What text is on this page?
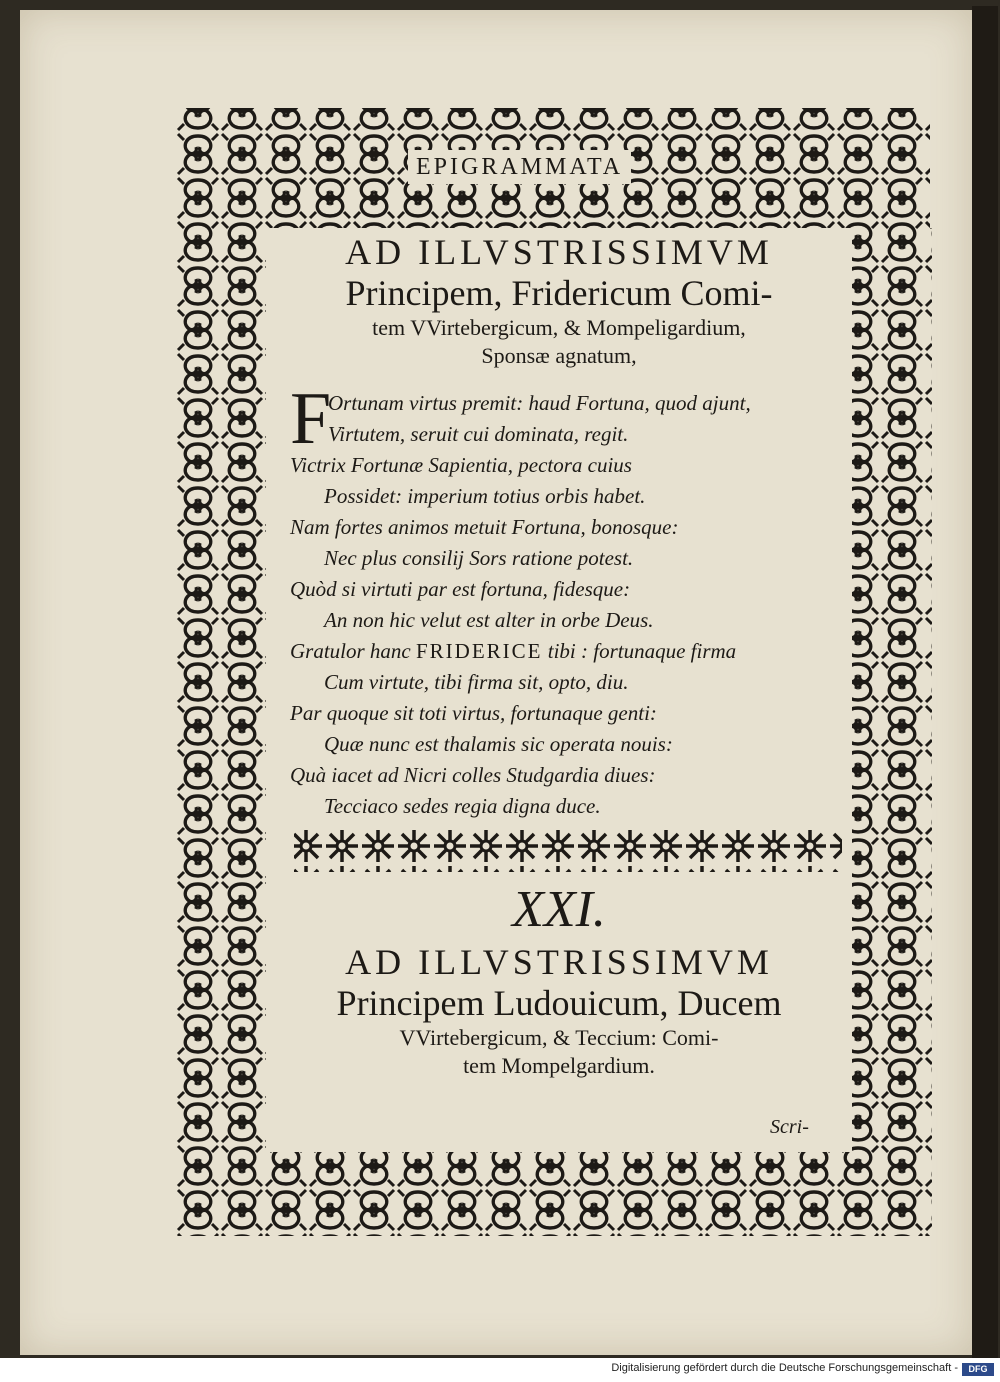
EPIGRAMMATA

AD ILLVSTRISSIMVM

Principem, Fridericum Comi-

tem VVirtebergicum, & Mompeligardium,

Sponsæ agnatum,

F
Ortunam virtus premit: haud Fortuna, quod ajunt,
Virtutem, seruit cui dominata, regit.
Victrix Fortunæ Sapientia, pectora cuius
Possidet: imperium totius orbis habet.
Nam fortes animos metuit Fortuna, bonosque:
Nec plus consilij Sors ratione potest.
Quòd si virtuti par est fortuna, fidesque:
An non hic velut est alter in orbe Deus.
Gratulor hanc FRIDERICE tibi : fortunaque firma
Cum virtute, tibi firma sit, opto, diu.
Par quoque sit toti virtus, fortunaque genti:
Quæ nunc est thalamis sic operata nouis:
Quà iacet ad Nicri colles Studgardia diues:
Tecciaco sedes regia digna duce.
XXI.

AD ILLVSTRISSIMVM

Principem Ludouicum, Ducem

VVirtebergicum, & Teccium: Comi-

tem Mompelgardium.

Scri-
Digitalisierung gefördert durch die Deutsche Forschungsgemeinschaft -	DFG
